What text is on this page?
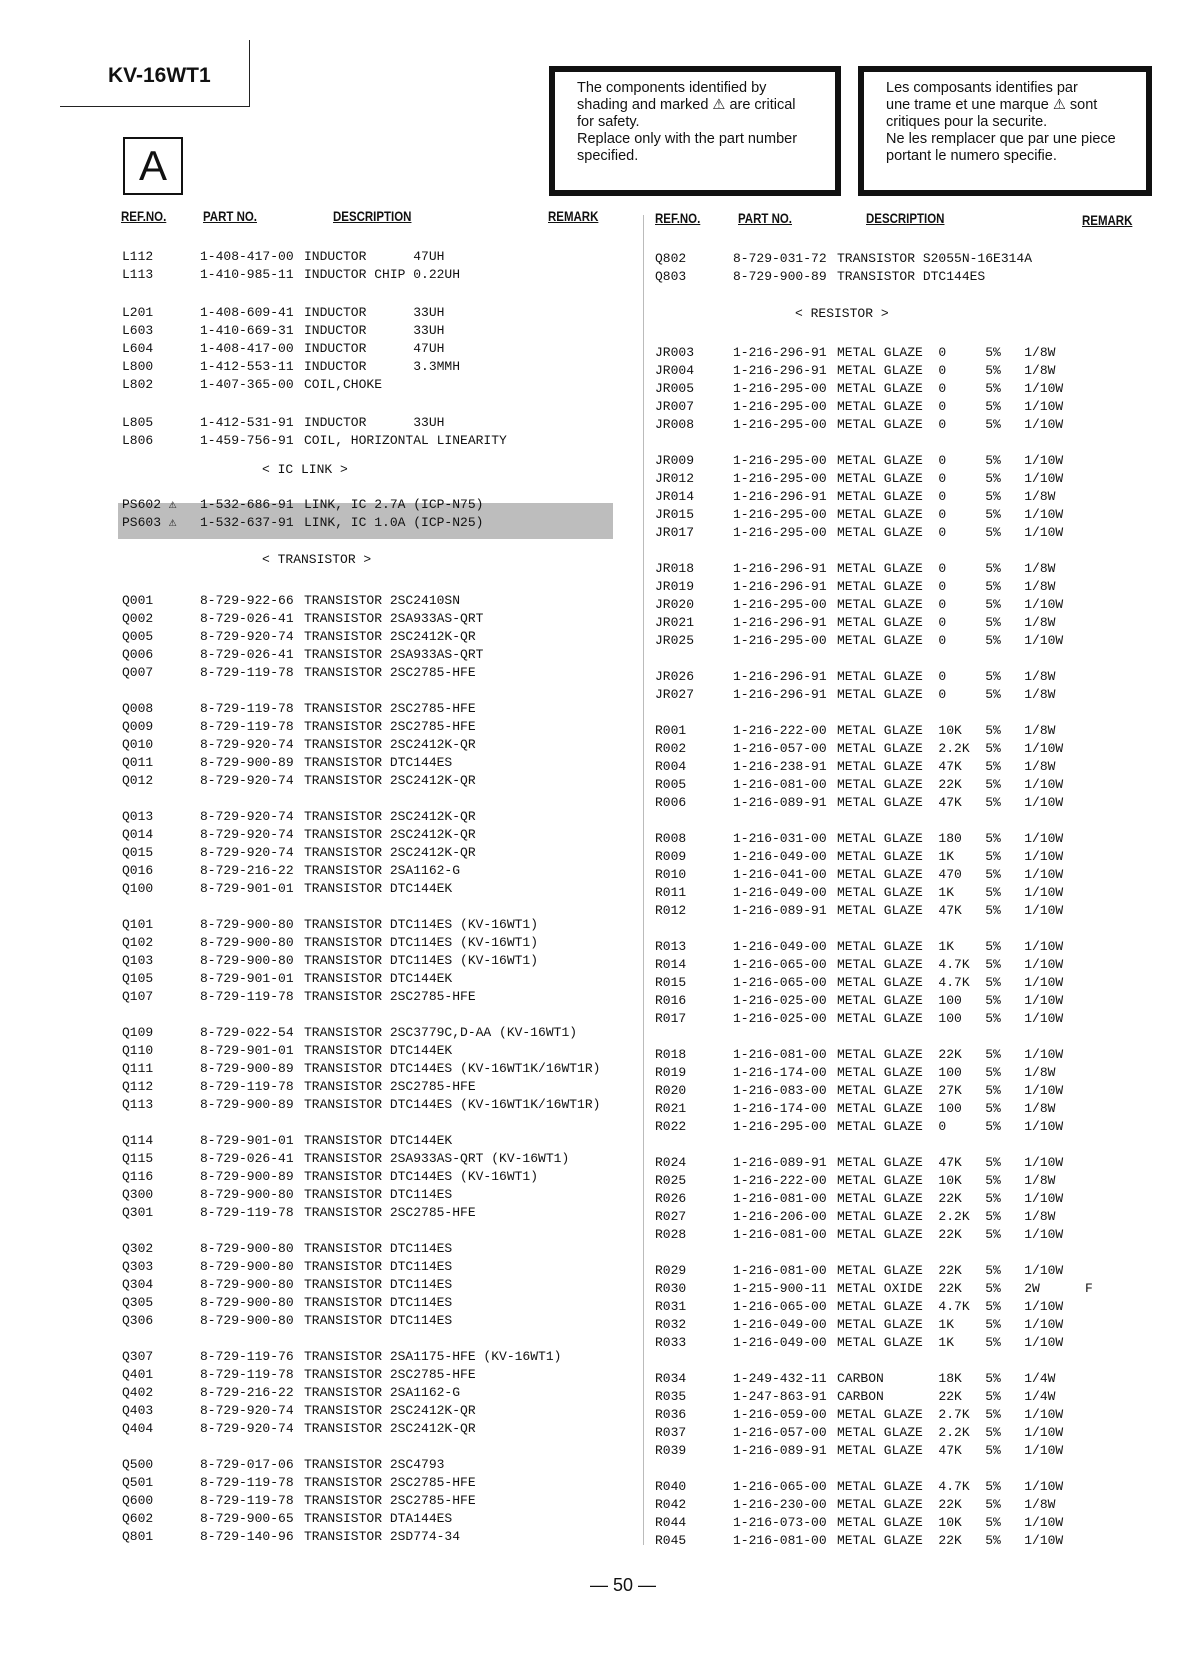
KV-16WT1
A

The components identified by

shading and marked ⚠ are critical

for safety.

Replace only with the part number

specified.

Les composants identifies par

une trame et une marque ⚠ sont

critiques pour la securite.

Ne les remplacer que par une piece

portant le numero specifie.

REF.NO.	PART NO.	DESCRIPTION	REMARK	REF.NO.	PART NO.	DESCRIPTION	REMARK
L112	1-408-417-00 INDUCTOR      47UH
L113	1-410-985-11 INDUCTOR CHIP 0.22UH
L201	1-408-609-41 INDUCTOR      33UH
L603	1-410-669-31 INDUCTOR      33UH
L604	1-408-417-00 INDUCTOR      47UH
L800	1-412-553-11 INDUCTOR      3.3MMH
L802	1-407-365-00 COIL,CHOKE
L805	1-412-531-91 INDUCTOR      33UH
L806	1-459-756-91 COIL, HORIZONTAL LINEARITY
PS602 ⚠ 1-532-686-91 LINK, IC 2.7A (ICP-N75)
PS603 ⚠ 1-532-637-91 LINK, IC 1.0A (ICP-N25)
Q001	8-729-922-66 TRANSISTOR 2SC2410SN
Q002	8-729-026-41 TRANSISTOR 2SA933AS-QRT
Q005	8-729-920-74 TRANSISTOR 2SC2412K-QR
Q006	8-729-026-41 TRANSISTOR 2SA933AS-QRT
Q007	8-729-119-78 TRANSISTOR 2SC2785-HFE
Q008	8-729-119-78 TRANSISTOR 2SC2785-HFE
Q009	8-729-119-78 TRANSISTOR 2SC2785-HFE
Q010	8-729-920-74 TRANSISTOR 2SC2412K-QR
Q011	8-729-900-89 TRANSISTOR DTC144ES
Q012	8-729-920-74 TRANSISTOR 2SC2412K-QR
Q013	8-729-920-74 TRANSISTOR 2SC2412K-QR
Q014	8-729-920-74 TRANSISTOR 2SC2412K-QR
Q015	8-729-920-74 TRANSISTOR 2SC2412K-QR
Q016	8-729-216-22 TRANSISTOR 2SA1162-G
Q100	8-729-901-01 TRANSISTOR DTC144EK
Q101	8-729-900-80 TRANSISTOR DTC114ES (KV-16WT1)
Q102	8-729-900-80 TRANSISTOR DTC114ES (KV-16WT1)
Q103	8-729-900-80 TRANSISTOR DTC114ES (KV-16WT1)
Q105	8-729-901-01 TRANSISTOR DTC144EK
Q107	8-729-119-78 TRANSISTOR 2SC2785-HFE
Q109	8-729-022-54 TRANSISTOR 2SC3779C,D-AA (KV-16WT1)
Q110	8-729-901-01 TRANSISTOR DTC144EK
Q111	8-729-900-89 TRANSISTOR DTC144ES (KV-16WT1K/16WT1R)
Q112	8-729-119-78 TRANSISTOR 2SC2785-HFE
Q113	8-729-900-89 TRANSISTOR DTC144ES (KV-16WT1K/16WT1R)
Q114	8-729-901-01 TRANSISTOR DTC144EK
Q115	8-729-026-41 TRANSISTOR 2SA933AS-QRT (KV-16WT1)
Q116	8-729-900-89 TRANSISTOR DTC144ES (KV-16WT1)
Q300	8-729-900-80 TRANSISTOR DTC114ES
Q301	8-729-119-78 TRANSISTOR 2SC2785-HFE
Q302	8-729-900-80 TRANSISTOR DTC114ES
Q303	8-729-900-80 TRANSISTOR DTC114ES
Q304	8-729-900-80 TRANSISTOR DTC114ES
Q305	8-729-900-80 TRANSISTOR DTC114ES
Q306	8-729-900-80 TRANSISTOR DTC114ES
Q307	8-729-119-76 TRANSISTOR 2SA1175-HFE (KV-16WT1)
Q401	8-729-119-78 TRANSISTOR 2SC2785-HFE
Q402	8-729-216-22 TRANSISTOR 2SA1162-G
Q403	8-729-920-74 TRANSISTOR 2SC2412K-QR
Q404	8-729-920-74 TRANSISTOR 2SC2412K-QR
Q500	8-729-017-06 TRANSISTOR 2SC4793
Q501	8-729-119-78 TRANSISTOR 2SC2785-HFE
Q600	8-729-119-78 TRANSISTOR 2SC2785-HFE
Q602	8-729-900-65 TRANSISTOR DTA144ES
Q801	8-729-140-96 TRANSISTOR 2SD774-34
Q802	8-729-031-72 TRANSISTOR S2055N-16E314A
Q803	8-729-900-89 TRANSISTOR DTC144ES
JR003	1-216-296-91 METAL GLAZE  0     5%   1/8W
JR004	1-216-296-91 METAL GLAZE  0     5%   1/8W
JR005	1-216-295-00 METAL GLAZE  0     5%   1/10W
JR007	1-216-295-00 METAL GLAZE  0     5%   1/10W
JR008	1-216-295-00 METAL GLAZE  0     5%   1/10W
JR009	1-216-295-00 METAL GLAZE  0     5%   1/10W
JR012	1-216-295-00 METAL GLAZE  0     5%   1/10W
JR014	1-216-296-91 METAL GLAZE  0     5%   1/8W
JR015	1-216-295-00 METAL GLAZE  0     5%   1/10W
JR017	1-216-295-00 METAL GLAZE  0     5%   1/10W
JR018	1-216-296-91 METAL GLAZE  0     5%   1/8W
JR019	1-216-296-91 METAL GLAZE  0     5%   1/8W
JR020	1-216-295-00 METAL GLAZE  0     5%   1/10W
JR021	1-216-296-91 METAL GLAZE  0     5%   1/8W
JR025	1-216-295-00 METAL GLAZE  0     5%   1/10W
JR026	1-216-296-91 METAL GLAZE  0     5%   1/8W
JR027	1-216-296-91 METAL GLAZE  0     5%   1/8W
R001	1-216-222-00 METAL GLAZE  10K   5%   1/8W
R002	1-216-057-00 METAL GLAZE  2.2K  5%   1/10W
R004	1-216-238-91 METAL GLAZE  47K   5%   1/8W
R005	1-216-081-00 METAL GLAZE  22K   5%   1/10W
R006	1-216-089-91 METAL GLAZE  47K   5%   1/10W
R008	1-216-031-00 METAL GLAZE  180   5%   1/10W
R009	1-216-049-00 METAL GLAZE  1K    5%   1/10W
R010	1-216-041-00 METAL GLAZE  470   5%   1/10W
R011	1-216-049-00 METAL GLAZE  1K    5%   1/10W
R012	1-216-089-91 METAL GLAZE  47K   5%   1/10W
R013	1-216-049-00 METAL GLAZE  1K    5%   1/10W
R014	1-216-065-00 METAL GLAZE  4.7K  5%   1/10W
R015	1-216-065-00 METAL GLAZE  4.7K  5%   1/10W
R016	1-216-025-00 METAL GLAZE  100   5%   1/10W
R017	1-216-025-00 METAL GLAZE  100   5%   1/10W
R018	1-216-081-00 METAL GLAZE  22K   5%   1/10W
R019	1-216-174-00 METAL GLAZE  100   5%   1/8W
R020	1-216-083-00 METAL GLAZE  27K   5%   1/10W
R021	1-216-174-00 METAL GLAZE  100   5%   1/8W
R022	1-216-295-00 METAL GLAZE  0     5%   1/10W
R024	1-216-089-91 METAL GLAZE  47K   5%   1/10W
R025	1-216-222-00 METAL GLAZE  10K   5%   1/8W
R026	1-216-081-00 METAL GLAZE  22K   5%   1/10W
R027	1-216-206-00 METAL GLAZE  2.2K  5%   1/8W
R028	1-216-081-00 METAL GLAZE  22K   5%   1/10W
R029	1-216-081-00 METAL GLAZE  22K   5%   1/10W
R030	1-215-900-11 METAL OXIDE  22K   5%   2W	F
R031	1-216-065-00 METAL GLAZE  4.7K  5%   1/10W
R032	1-216-049-00 METAL GLAZE  1K    5%   1/10W
R033	1-216-049-00 METAL GLAZE  1K    5%   1/10W
R034	1-249-432-11 CARBON       18K   5%   1/4W
R035	1-247-863-91 CARBON       22K   5%   1/4W
R036	1-216-059-00 METAL GLAZE  2.7K  5%   1/10W
R037	1-216-057-00 METAL GLAZE  2.2K  5%   1/10W
R039	1-216-089-91 METAL GLAZE  47K   5%   1/10W
R040	1-216-065-00 METAL GLAZE  4.7K  5%   1/10W
R042	1-216-230-00 METAL GLAZE  22K   5%   1/8W
R044	1-216-073-00 METAL GLAZE  10K   5%   1/10W
R045	1-216-081-00 METAL GLAZE  22K   5%   1/10W
< IC LINK >
< TRANSISTOR >
< RESISTOR >
— 50 —
